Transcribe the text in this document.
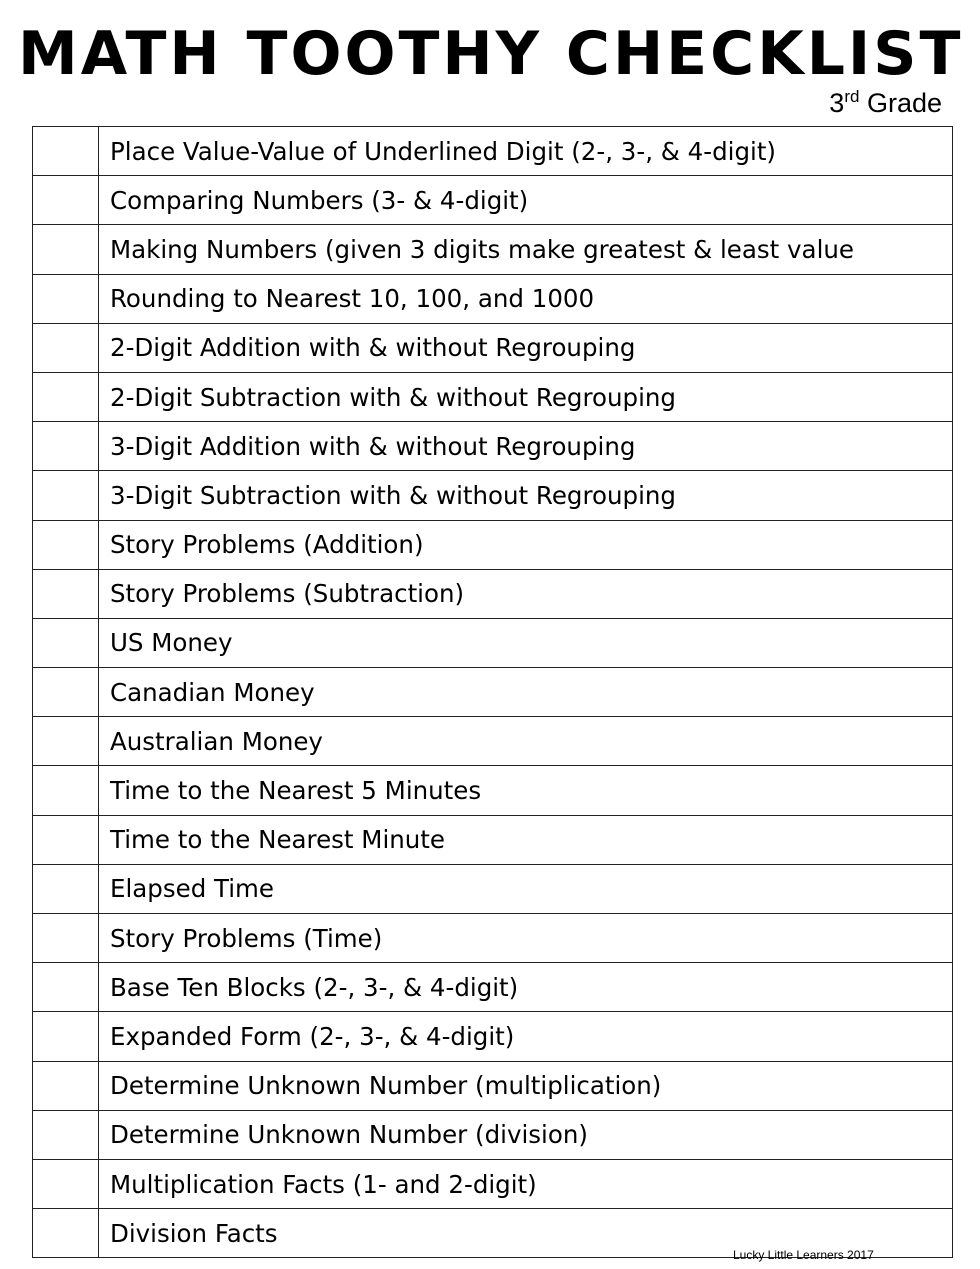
MATH TOOTHY CHECKLIST
3rd Grade
	Place Value-Value of Underlined Digit (2-, 3-, & 4-digit)
	Comparing Numbers (3- & 4-digit)
	Making Numbers (given 3 digits make greatest & least value
	Rounding to Nearest 10, 100, and 1000
	2-Digit Addition with & without Regrouping
	2-Digit Subtraction with & without Regrouping
	3-Digit Addition with & without Regrouping
	3-Digit Subtraction with & without Regrouping
	Story Problems (Addition)
	Story Problems (Subtraction)
	US Money
	Canadian Money
	Australian Money
	Time to the Nearest 5 Minutes
	Time to the Nearest Minute
	Elapsed Time
	Story Problems (Time)
	Base Ten Blocks (2-, 3-, & 4-digit)
	Expanded Form (2-, 3-, & 4-digit)
	Determine Unknown Number (multiplication)
	Determine Unknown Number (division)
	Multiplication Facts (1- and 2-digit)
	Division Facts
Lucky Little Learners 2017
